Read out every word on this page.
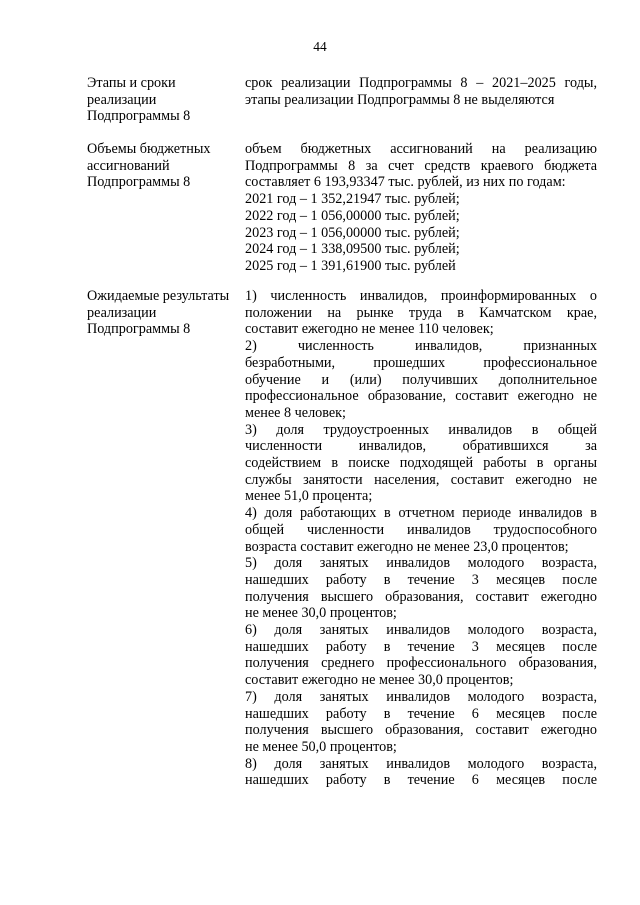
44
Этапы и сроки
реализации
Подпрограммы 8
срок реализации Подпрограммы 8 – 2021–2025 годы,
этапы реализации Подпрограммы 8 не выделяются
Объемы бюджетных
ассигнований
Подпрограммы 8
объем бюджетных ассигнований на реализацию
Подпрограммы 8 за счет средств краевого бюджета
составляет 6 193,93347 тыс. рублей, из них по годам:
2021 год – 1 352,21947 тыс. рублей;
2022 год – 1 056,00000 тыс. рублей;
2023 год – 1 056,00000 тыс. рублей;
2024 год – 1 338,09500 тыс. рублей;
2025 год – 1 391,61900 тыс. рублей
Ожидаемые результаты
реализации
Подпрограммы 8
1) численность инвалидов, проинформированных о
положении на рынке труда в Камчатском крае,
составит ежегодно не менее 110 человек;
2) численность инвалидов, признанных
безработными, прошедших профессиональное
обучение и (или) получивших дополнительное
профессиональное образование, составит ежегодно не
менее 8 человек;
3) доля трудоустроенных инвалидов в общей
численности инвалидов, обратившихся за
содействием в поиске подходящей работы в органы
службы занятости населения, составит ежегодно не
менее 51,0 процента;
4) доля работающих в отчетном периоде инвалидов в
общей численности инвалидов трудоспособного
возраста составит ежегодно не менее 23,0 процентов;
5) доля занятых инвалидов молодого возраста,
нашедших работу в течение 3 месяцев после
получения высшего образования, составит ежегодно
не менее 30,0 процентов;
6) доля занятых инвалидов молодого возраста,
нашедших работу в течение 3 месяцев после
получения среднего профессионального образования,
составит ежегодно не менее 30,0 процентов;
7) доля занятых инвалидов молодого возраста,
нашедших работу в течение 6 месяцев после
получения высшего образования, составит ежегодно
не менее 50,0 процентов;
8) доля занятых инвалидов молодого возраста,
нашедших работу в течение 6 месяцев после
